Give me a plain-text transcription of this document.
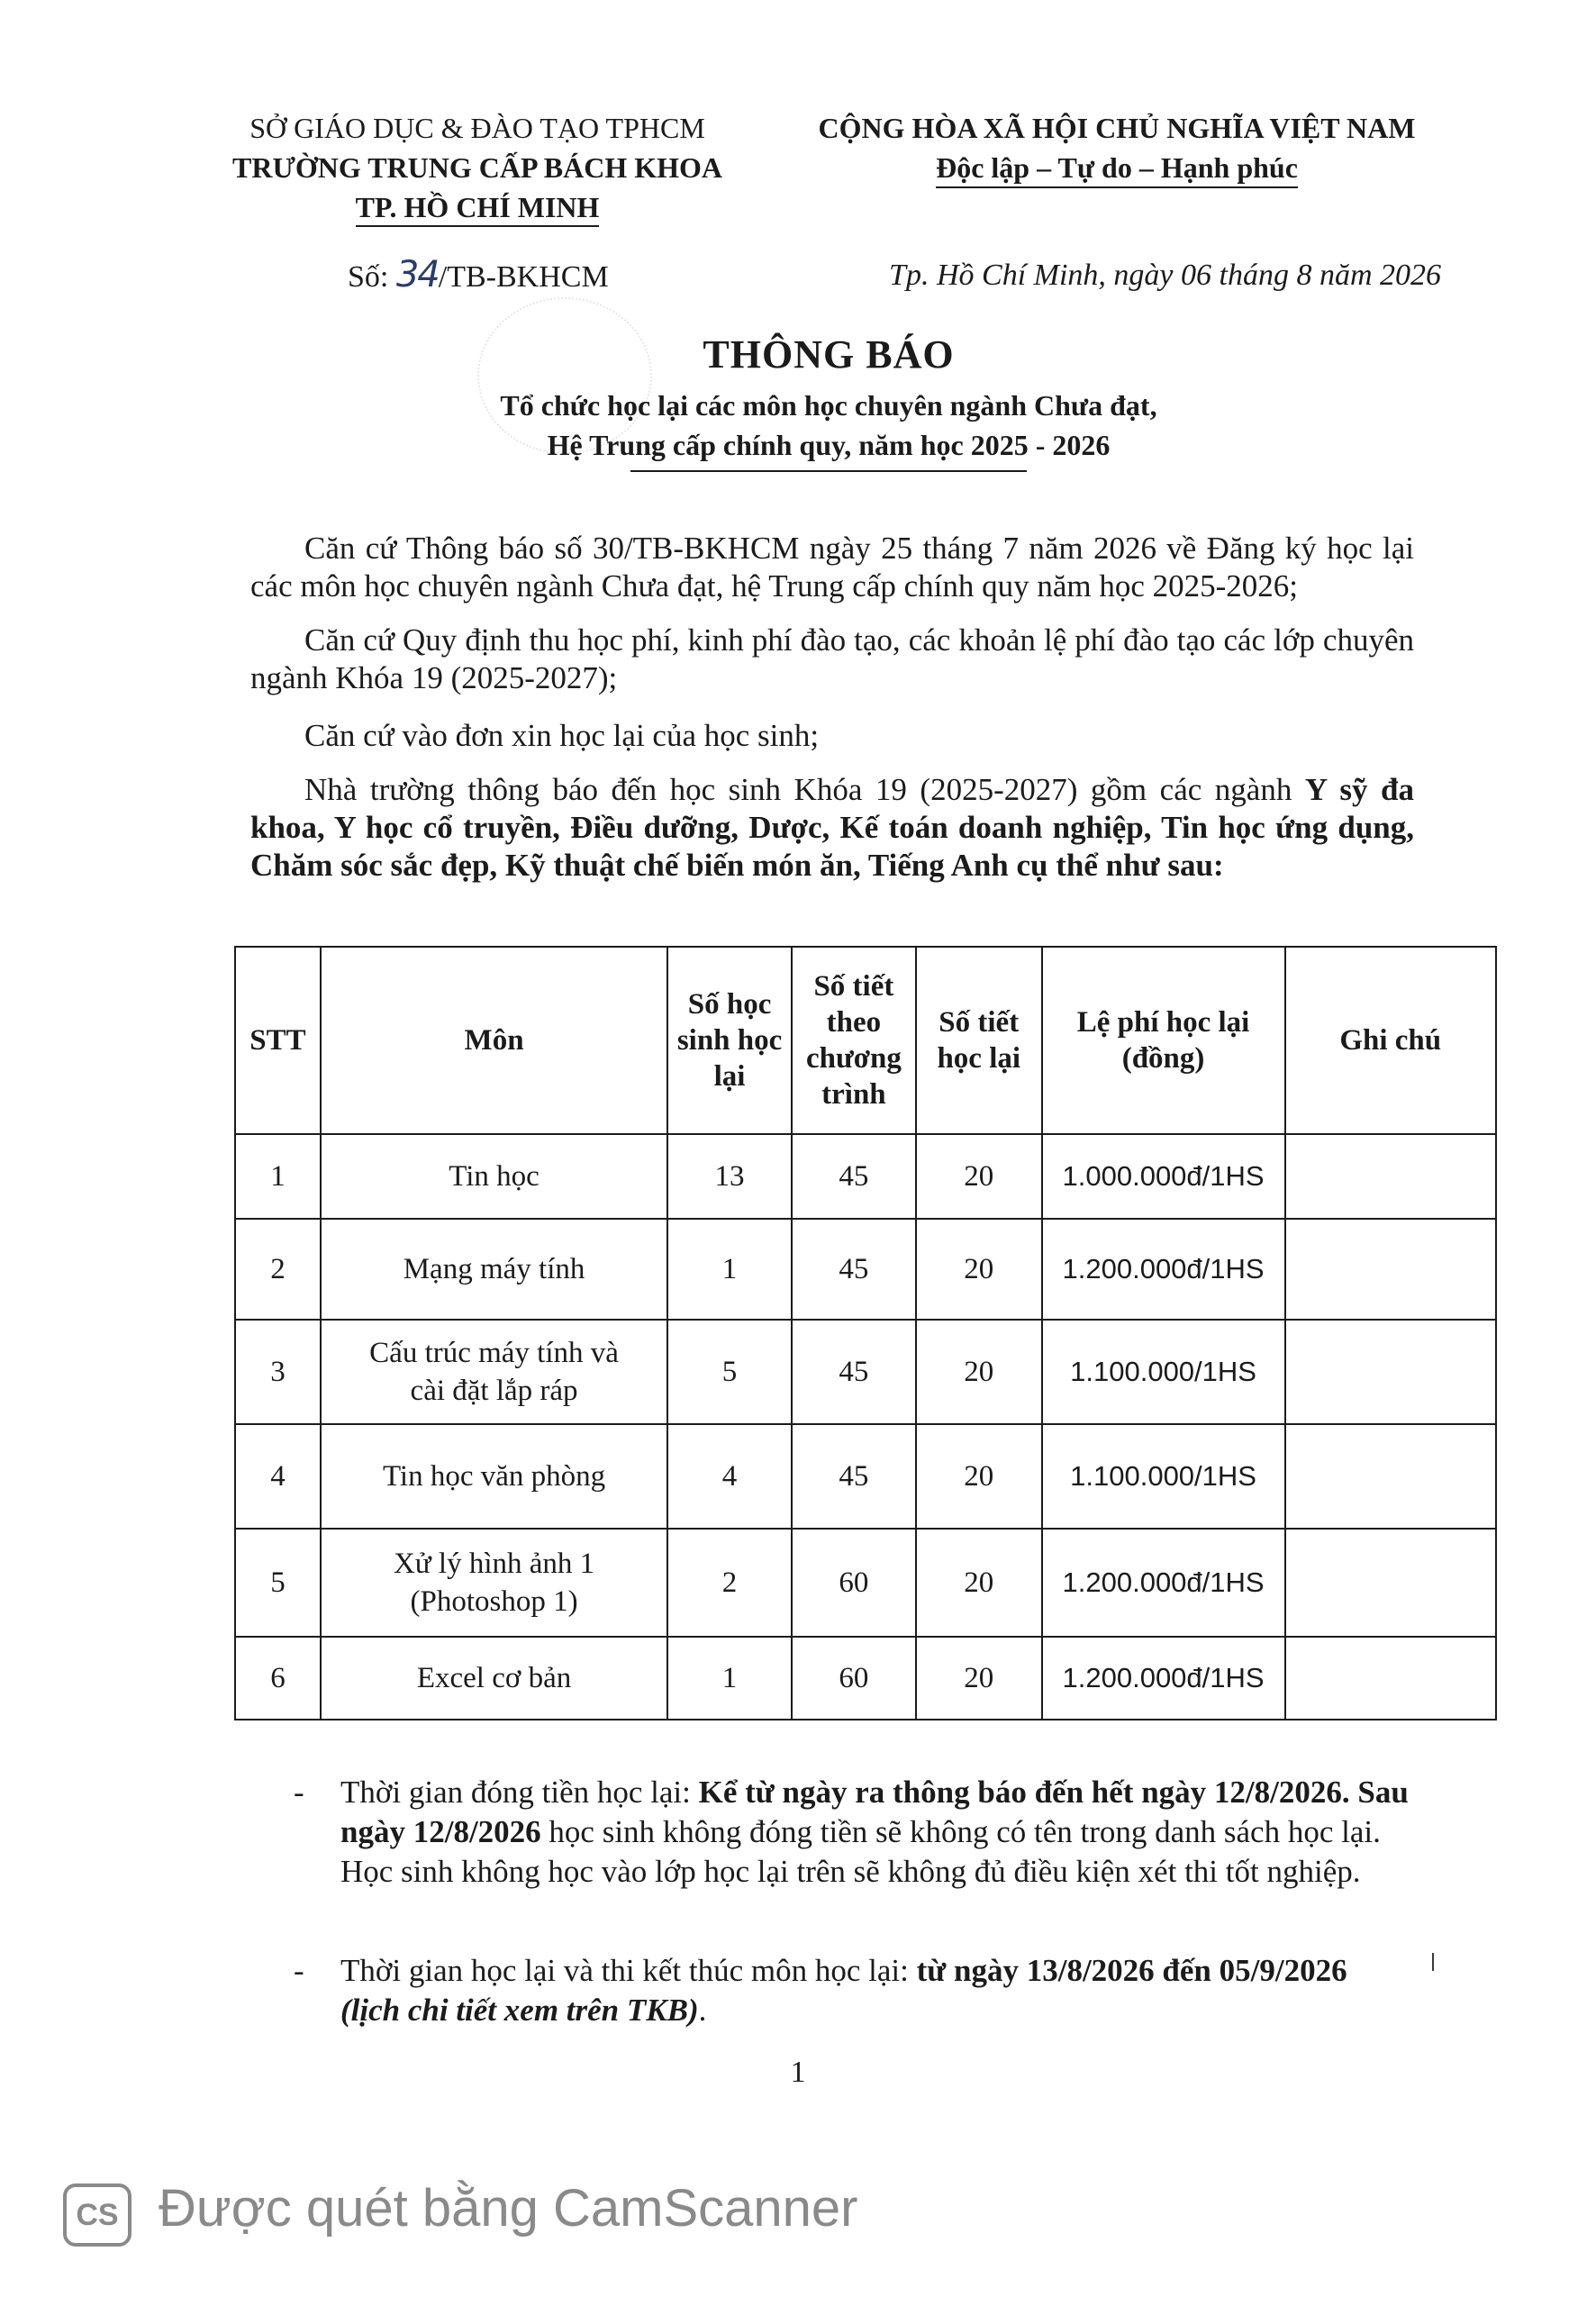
SỞ GIÁO DỤC & ĐÀO TẠO TPHCM
TRƯỜNG TRUNG CẤP BÁCH KHOA
TP. HỒ CHÍ MINH
CỘNG HÒA XÃ HỘI CHỦ NGHĨA VIỆT NAM
Độc lập – Tự do – Hạnh phúc
Số: 34/TB-BKHCM	Tp. Hồ Chí Minh, ngày 06 tháng 8 năm 2026
THÔNG BÁO
Tổ chức học lại các môn học chuyên ngành Chưa đạt,
Hệ Trung cấp chính quy, năm học 2025 - 2026
Căn cứ Thông báo số 30/TB-BKHCM ngày 25 tháng 7 năm 2026 về Đăng ký học lại các môn học chuyên ngành Chưa đạt, hệ Trung cấp chính quy năm học 2025-2026;
Căn cứ Quy định thu học phí, kinh phí đào tạo, các khoản lệ phí đào tạo các lớp chuyên ngành Khóa 19 (2025-2027);
Căn cứ vào đơn xin học lại của học sinh;
Nhà trường thông báo đến học sinh Khóa 19 (2025-2027) gồm các ngành Y sỹ đa khoa, Y học cổ truyền, Điều dưỡng, Dược, Kế toán doanh nghiệp, Tin học ứng dụng, Chăm sóc sắc đẹp, Kỹ thuật chế biến món ăn, Tiếng Anh cụ thể như sau:
STT	Môn	Số học sinh học lại	Số tiết theo chương trình	Số tiết học lại	Lệ phí học lại (đồng)	Ghi chú
1	Tin học	13	45	20	1.000.000đ/1HS	
2	Mạng máy tính	1	45	20	1.200.000đ/1HS	
3	Cấu trúc máy tính và
cài đặt lắp ráp	5	45	20	1.100.000/1HS	
4	Tin học văn phòng	4	45	20	1.100.000/1HS	
5	Xử lý hình ảnh 1
(Photoshop 1)	2	60	20	1.200.000đ/1HS	
6	Excel cơ bản	1	60	20	1.200.000đ/1HS	
- Thời gian đóng tiền học lại: Kể từ ngày ra thông báo đến hết ngày 12/8/2026. Sau ngày 12/8/2026 học sinh không đóng tiền sẽ không có tên trong danh sách học lại. Học sinh không học vào lớp học lại trên sẽ không đủ điều kiện xét thi tốt nghiệp.
- Thời gian học lại và thi kết thúc môn học lại: từ ngày 13/8/2026 đến 05/9/2026
(lịch chi tiết xem trên TKB).
1
CS Được quét bằng CamScanner
